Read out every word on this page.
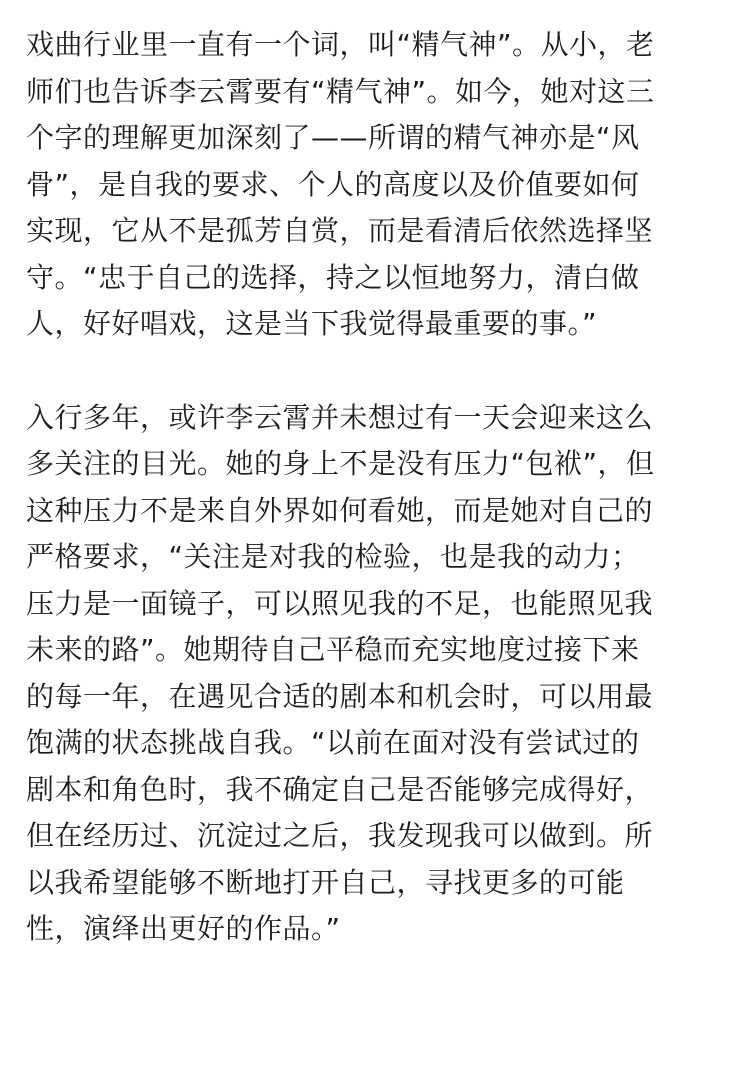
戏曲行业里一直有一个词，叫“精气神”。从小，老
师们也告诉李云霄要有“精气神”。如今，她对这三
个字的理解更加深刻了——所谓的精气神亦是“风
骨”，是自我的要求、个人的高度以及价值要如何
实现，它从不是孤芳自赏，而是看清后依然选择坚
守。“忠于自己的选择，持之以恒地努力，清白做
人，好好唱戏，这是当下我觉得最重要的事。”
入行多年，或许李云霄并未想过有一天会迎来这么
多关注的目光。她的身上不是没有压力“包袱”，但
这种压力不是来自外界如何看她，而是她对自己的
严格要求，“关注是对我的检验，也是我的动力；
压力是一面镜子，可以照见我的不足，也能照见我
未来的路”。她期待自己平稳而充实地度过接下来
的每一年，在遇见合适的剧本和机会时，可以用最
饱满的状态挑战自我。“以前在面对没有尝试过的
剧本和角色时，我不确定自己是否能够完成得好，
但在经历过、沉淀过之后，我发现我可以做到。所
以我希望能够不断地打开自己，寻找更多的可能
性，演绎出更好的作品。”
